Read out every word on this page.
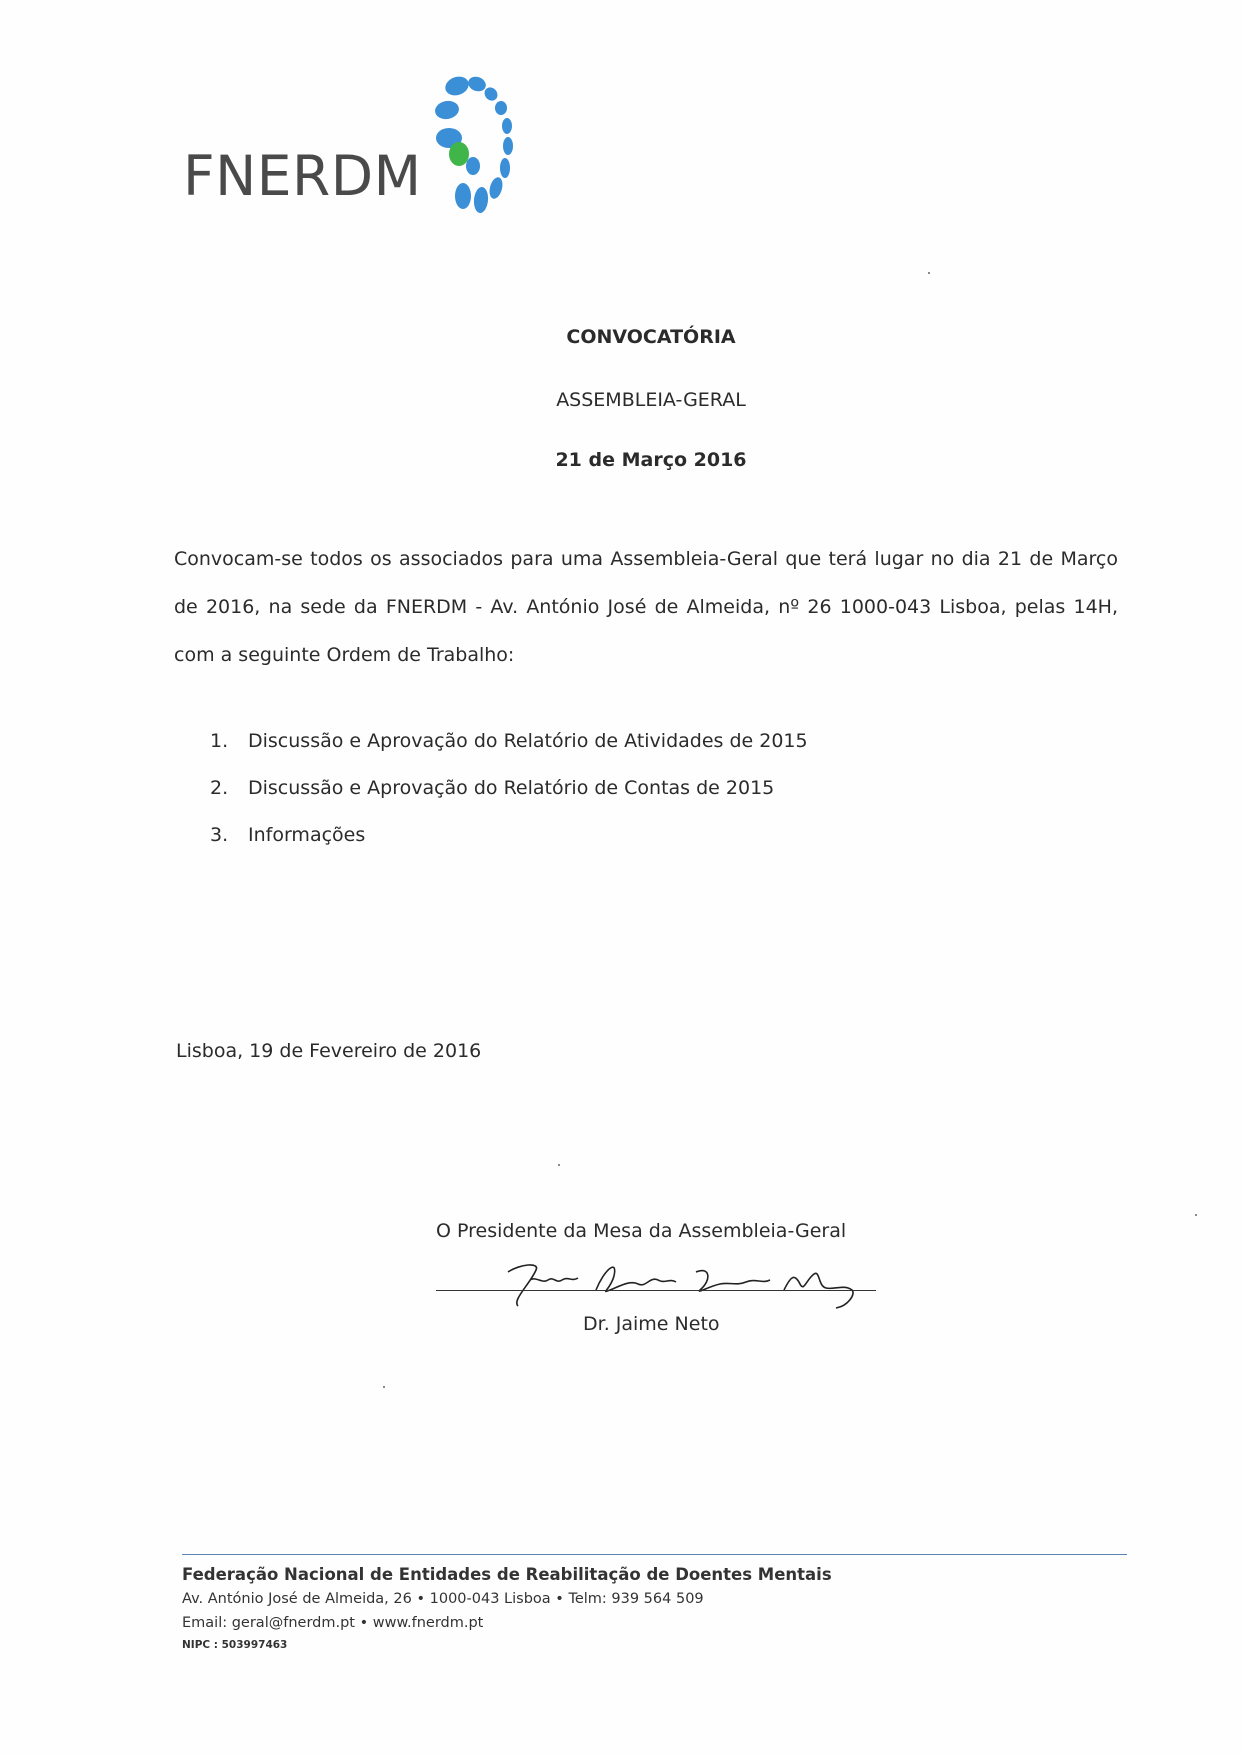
FNERDM
CONVOCATÓRIA
ASSEMBLEIA-GERAL
21 de Março 2016
Convocam-se todos os associados para uma Assembleia-Geral que terá lugar no dia 21 de Março de 2016, na sede da FNERDM - Av. António José de Almeida, nº 26 1000-043 Lisboa, pelas 14H, com a seguinte Ordem de Trabalho:
1. Discussão e Aprovação do Relatório de Atividades de 2015
2. Discussão e Aprovação do Relatório de Contas de 2015
3. Informações
Lisboa, 19 de Fevereiro de 2016
O Presidente da Mesa da Assembleia-Geral
Dr. Jaime Neto
Federação Nacional de Entidades de Reabilitação de Doentes Mentais
Av. António José de Almeida, 26 • 1000-043 Lisboa • Telm: 939 564 509
Email: geral@fnerdm.pt • www.fnerdm.pt
NIPC : 503997463
